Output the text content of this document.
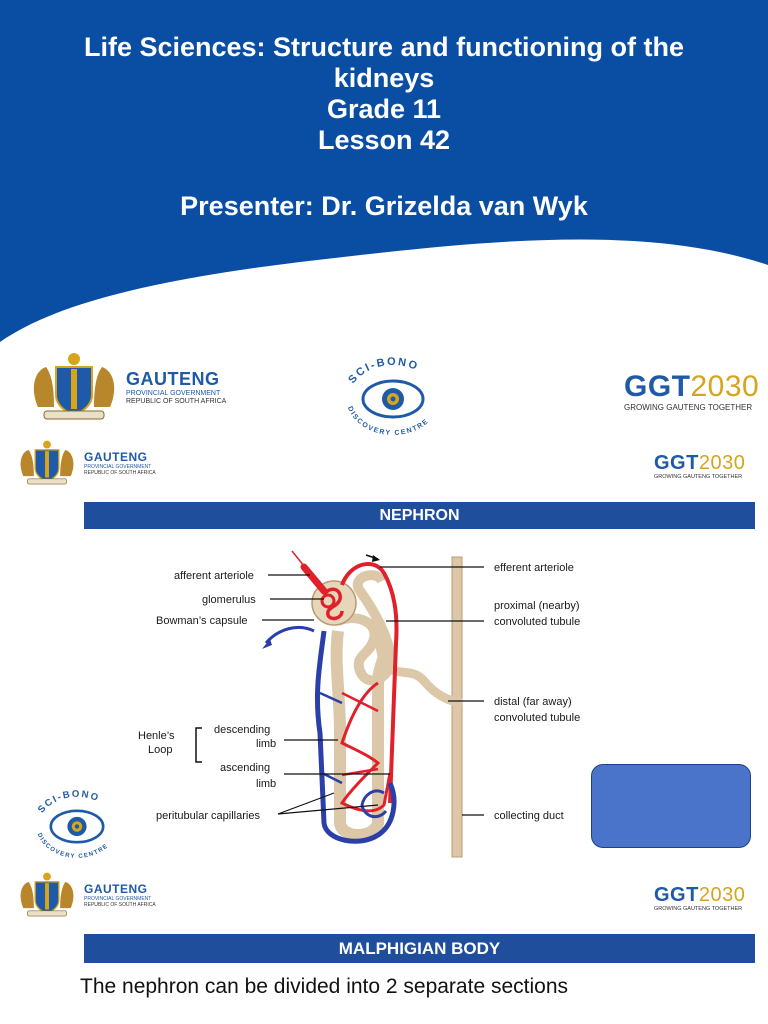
Life Sciences: Structure and functioning of the
kidneys
Grade 11
Lesson 42
Presenter: Dr. Grizelda van Wyk
GAUTENG
PROVINCIAL GOVERNMENT
REPUBLIC OF SOUTH AFRICA
SCI-BONO
DISCOVERY CENTRE
GGT2030
GROWING GAUTENG TOGETHER
GAUTENG
PROVINCIAL GOVERNMENT
REPUBLIC OF SOUTH AFRICA	GGT2030
GROWING GAUTENG TOGETHER
NEPHRON
afferent arteriole
glomerulus
Bowman’s capsule
Henle’s
Loop
descending
limb
ascending
limb
peritubular capillaries
efferent arteriole
proximal (nearby)
convoluted tubule
distal (far away)
convoluted tubule
collecting duct
SCI-BONO
DISCOVERY CENTRE
GAUTENG
PROVINCIAL GOVERNMENT
REPUBLIC OF SOUTH AFRICA	GGT2030
GROWING GAUTENG TOGETHER
MALPHIGIAN BODY
The nephron can be divided into 2 separate sections
